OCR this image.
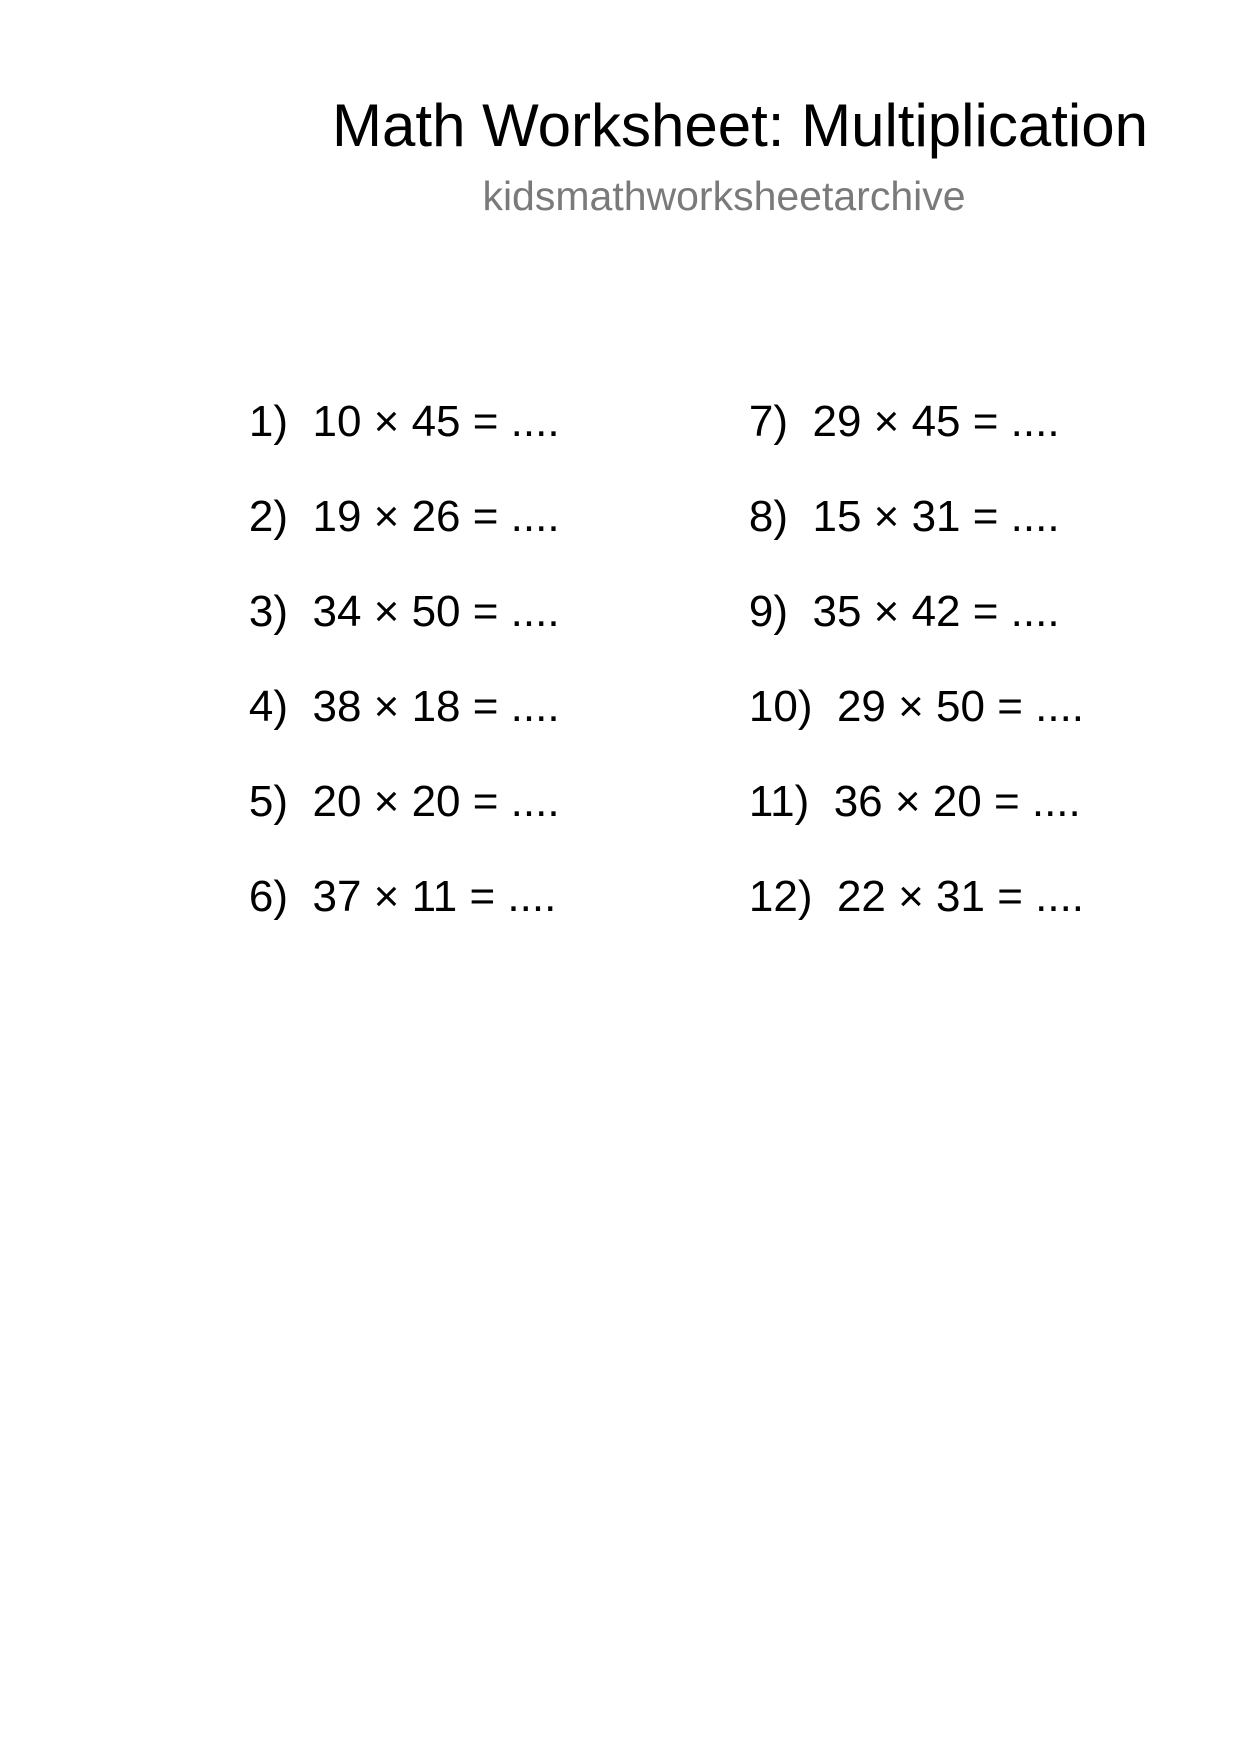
Math Worksheet: Multiplication
kidsmathworksheetarchive

1) 10 × 45 = ....

2) 19 × 26 = ....

3) 34 × 50 = ....

4) 38 × 18 = ....

5) 20 × 20 = ....

6) 37 × 11 = ....

7) 29 × 45 = ....

8) 15 × 31 = ....

9) 35 × 42 = ....

10) 29 × 50 = ....

11) 36 × 20 = ....

12) 22 × 31 = ....
